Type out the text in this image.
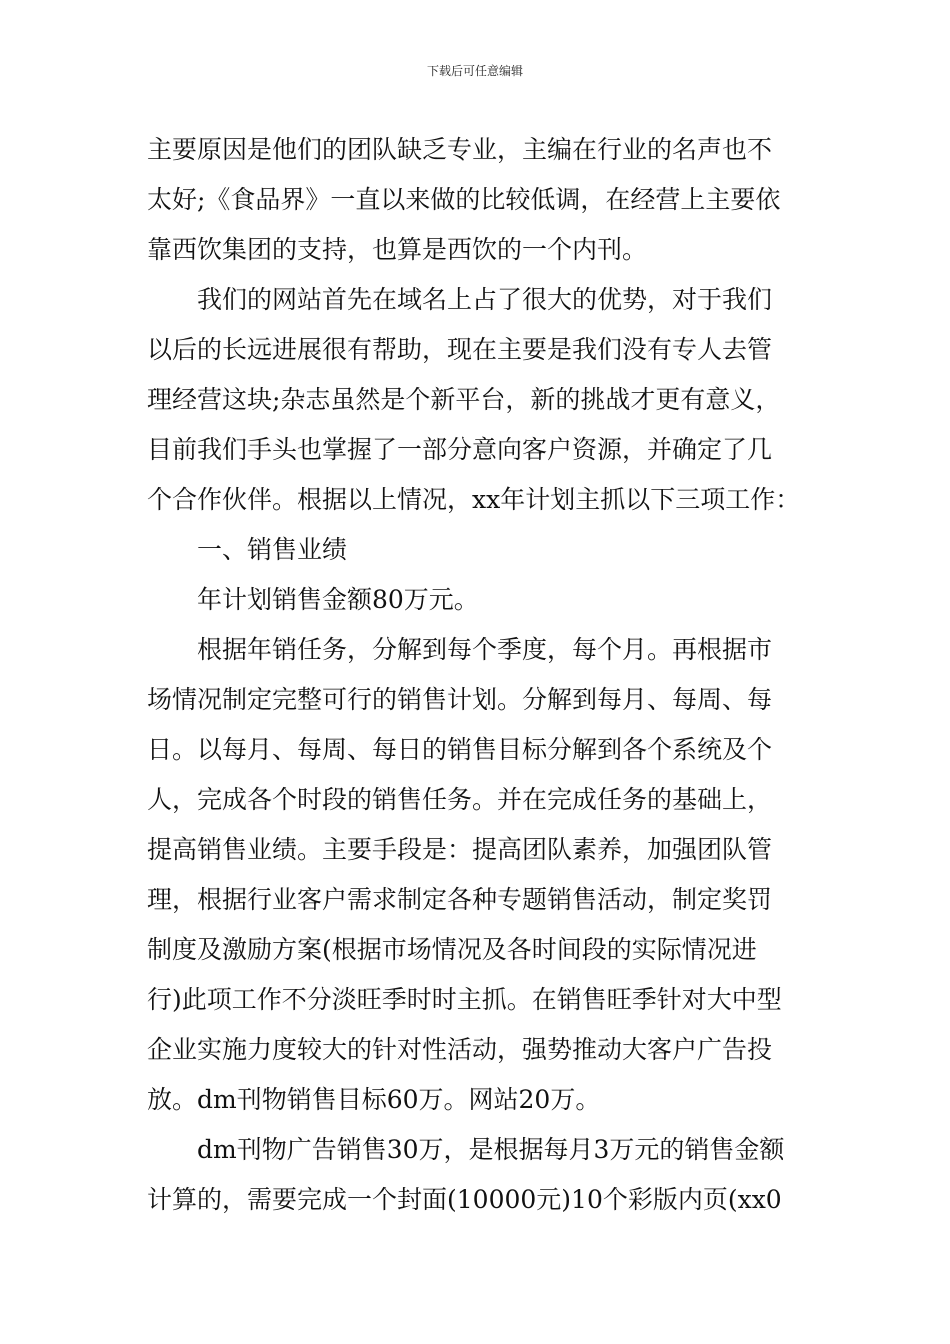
下载后可任意编辑
主要原因是他们的团队缺乏专业，主编在行业的名声也不
太好;《食品界》一直以来做的比较低调，在经营上主要依
靠西饮集团的支持，也算是西饮的一个内刊。
我们的网站首先在域名上占了很大的优势，对于我们
以后的长远进展很有帮助，现在主要是我们没有专人去管
理经营这块;杂志虽然是个新平台，新的挑战才更有意义，
目前我们手头也掌握了一部分意向客户资源，并确定了几
个合作伙伴。根据以上情况，xx年计划主抓以下三项工作：
一、销售业绩
年计划销售金额80万元。
根据年销任务，分解到每个季度，每个月。再根据市
场情况制定完整可行的销售计划。分解到每月、每周、每
日。以每月、每周、每日的销售目标分解到各个系统及个
人，完成各个时段的销售任务。并在完成任务的基础上，
提高销售业绩。主要手段是：提高团队素养，加强团队管
理，根据行业客户需求制定各种专题销售活动，制定奖罚
制度及激励方案(根据市场情况及各时间段的实际情况进
行)此项工作不分淡旺季时时主抓。在销售旺季针对大中型
企业实施力度较大的针对性活动，强势推动大客户广告投
放。dm刊物销售目标60万。网站20万。
dm刊物广告销售30万，是根据每月3万元的销售金额
计算的，需要完成一个封面(10000元)10个彩版内页(xx0
